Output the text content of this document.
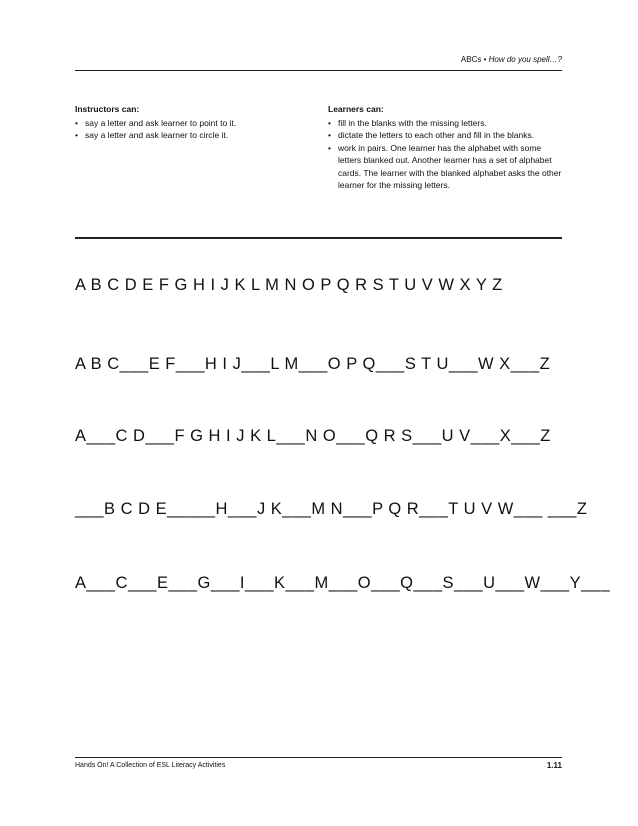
ABCs • How do you spell…?
Instructors can:
• say a letter and ask learner to point to it.
• say a letter and ask learner to circle it.
Learners can:
• fill in the blanks with the missing letters.
• dictate the letters to each other and fill in the blanks.
• work in pairs. One learner has the alphabet with some letters blanked out. Another learner has a set of alphabet cards. The learner with the blanked alphabet asks the other learner for the missing letters.
A B C D E F G H I J K L M N O P Q R S T U V W X Y Z
A B C___E F___H I J___L M___O P Q___S T U___W X___Z
A___C D___F G H I J K L___N O___Q R S___U V___X___Z
___B C D E_____H___J K___M N___P Q R___T U V W___ ___Z
A___C___E___G___I___K___M___O___Q___S___U___W___Y___
Hands On! A Collection of ESL Literacy Activities	1.11
